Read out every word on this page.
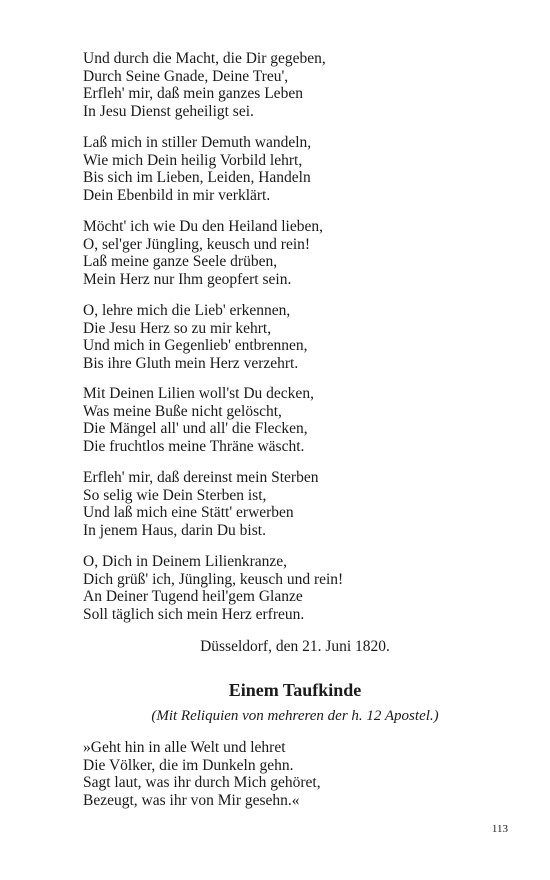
Und durch die Macht, die Dir gegeben,
Durch Seine Gnade, Deine Treu',
Erfleh' mir, daß mein ganzes Leben
In Jesu Dienst geheiligt sei.
Laß mich in stiller Demuth wandeln,
Wie mich Dein heilig Vorbild lehrt,
Bis sich im Lieben, Leiden, Handeln
Dein Ebenbild in mir verklärt.
Möcht' ich wie Du den Heiland lieben,
O, sel'ger Jüngling, keusch und rein!
Laß meine ganze Seele drüben,
Mein Herz nur Ihm geopfert sein.
O, lehre mich die Lieb' erkennen,
Die Jesu Herz so zu mir kehrt,
Und mich in Gegenlieb' entbrennen,
Bis ihre Gluth mein Herz verzehrt.
Mit Deinen Lilien woll'st Du decken,
Was meine Buße nicht gelöscht,
Die Mängel all' und all' die Flecken,
Die fruchtlos meine Thräne wäscht.
Erfleh' mir, daß dereinst mein Sterben
So selig wie Dein Sterben ist,
Und laß mich eine Stätt' erwerben
In jenem Haus, darin Du bist.
O, Dich in Deinem Lilienkranze,
Dich grüß' ich, Jüngling, keusch und rein!
An Deiner Tugend heil'gem Glanze
Soll täglich sich mein Herz erfreun.
Düsseldorf, den 21. Juni 1820.
Einem Taufkinde
(Mit Reliquien von mehreren der h. 12 Apostel.)
»Geht hin in alle Welt und lehret
Die Völker, die im Dunkeln gehn.
Sagt laut, was ihr durch Mich gehöret,
Bezeugt, was ihr von Mir gesehn.«
113
